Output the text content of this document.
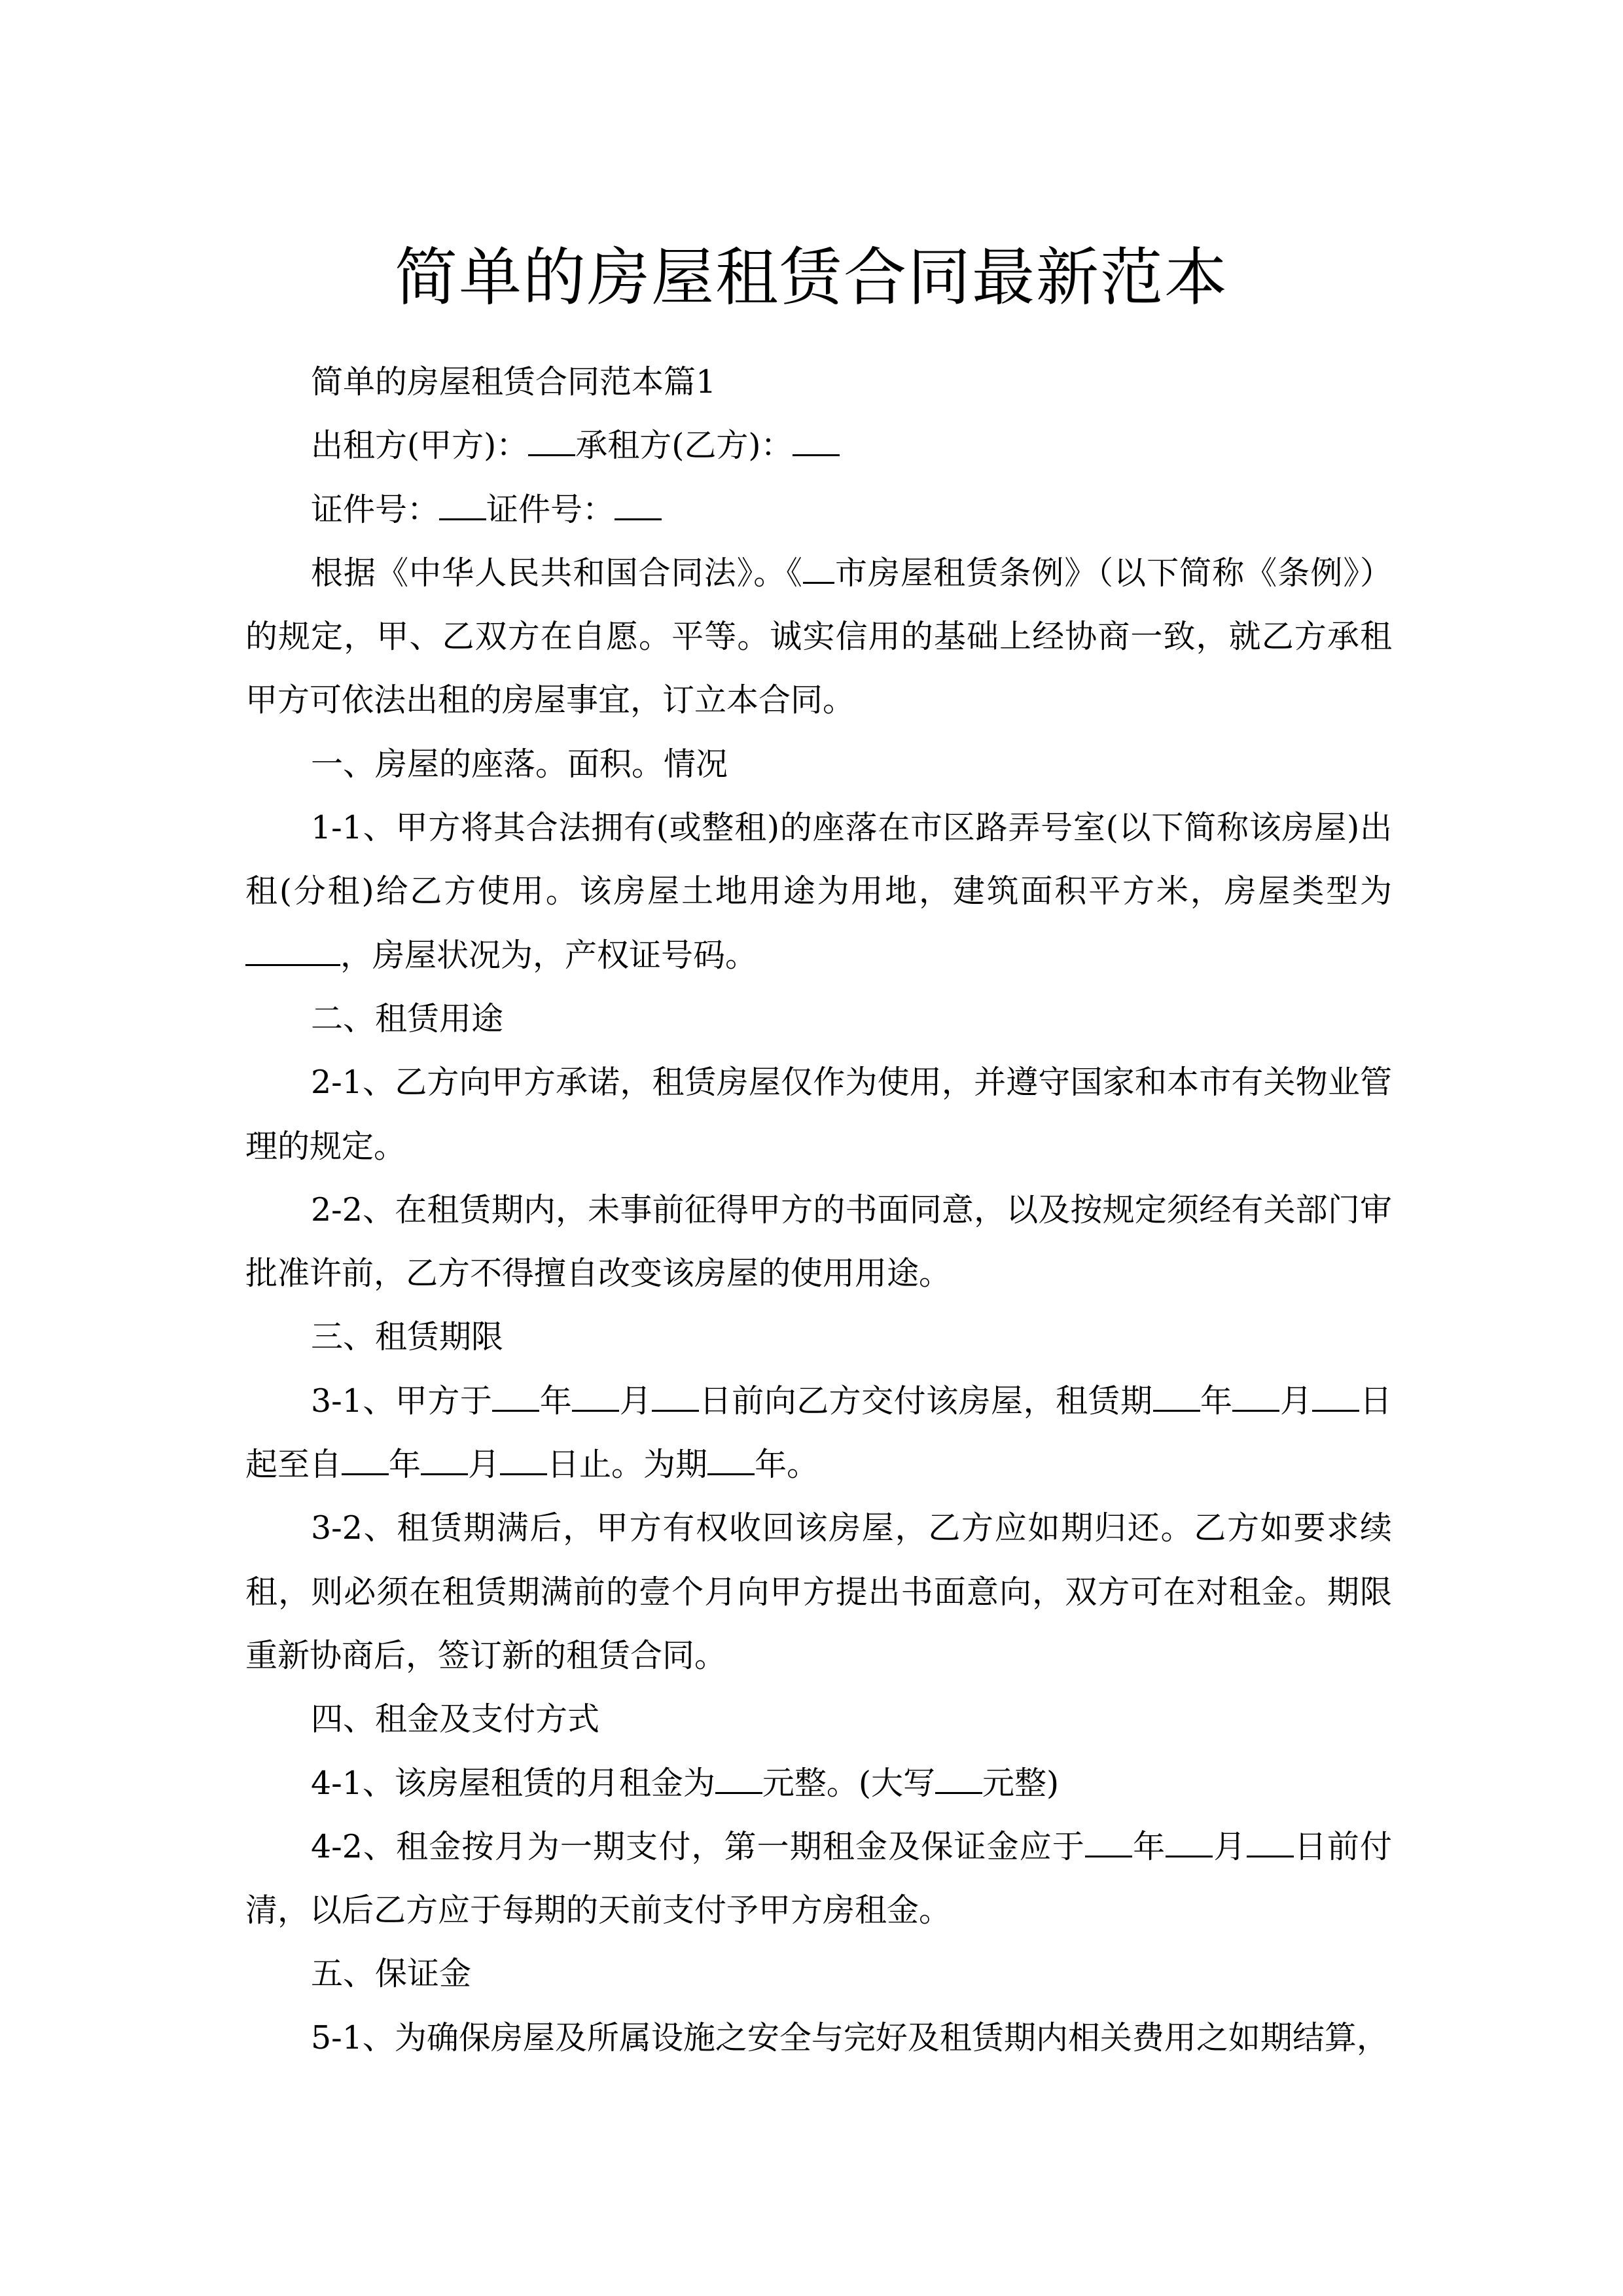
简单的房屋租赁合同最新范本

简单的房屋租赁合同范本篇1

出租方(甲方)： 承租方(乙方)：

证件号： 证件号：

根据《中华人民共和国合同法》。《 市房屋租赁条例》（以下简称《条例》）的规定，甲、乙双方在自愿。平等。诚实信用的基础上经协商一致，就乙方承租甲方可依法出租的房屋事宜，订立本合同。

一、房屋的座落。面积。情况

1-1、甲方将其合法拥有(或整租)的座落在市区路弄号室(以下简称该房屋)出租(分租)给乙方使用。该房屋土地用途为用地，建筑面积平方米，房屋类型为，房屋状况为，产权证号码。

二、租赁用途

2-1、乙方向甲方承诺，租赁房屋仅作为使用，并遵守国家和本市有关物业管理的规定。

2-2、在租赁期内，未事前征得甲方的书面同意，以及按规定须经有关部门审批准许前，乙方不得擅自改变该房屋的使用用途。

三、租赁期限

3-1、甲方于 年 月 日前向乙方交付该房屋，租赁期 年 月 日起至自 年 月 日止。为期 年。

3-2、租赁期满后，甲方有权收回该房屋，乙方应如期归还。乙方如要求续租，则必须在租赁期满前的壹个月向甲方提出书面意向，双方可在对租金。期限重新协商后，签订新的租赁合同。

四、租金及支付方式

4-1、该房屋租赁的月租金为 元整。(大写 元整)

4-2、租金按月为一期支付，第一期租金及保证金应于 年 月 日前付清，以后乙方应于每期的天前支付予甲方房租金。

五、保证金

5-1、为确保房屋及所属设施之安全与完好及租赁期内相关费用之如期结算，
